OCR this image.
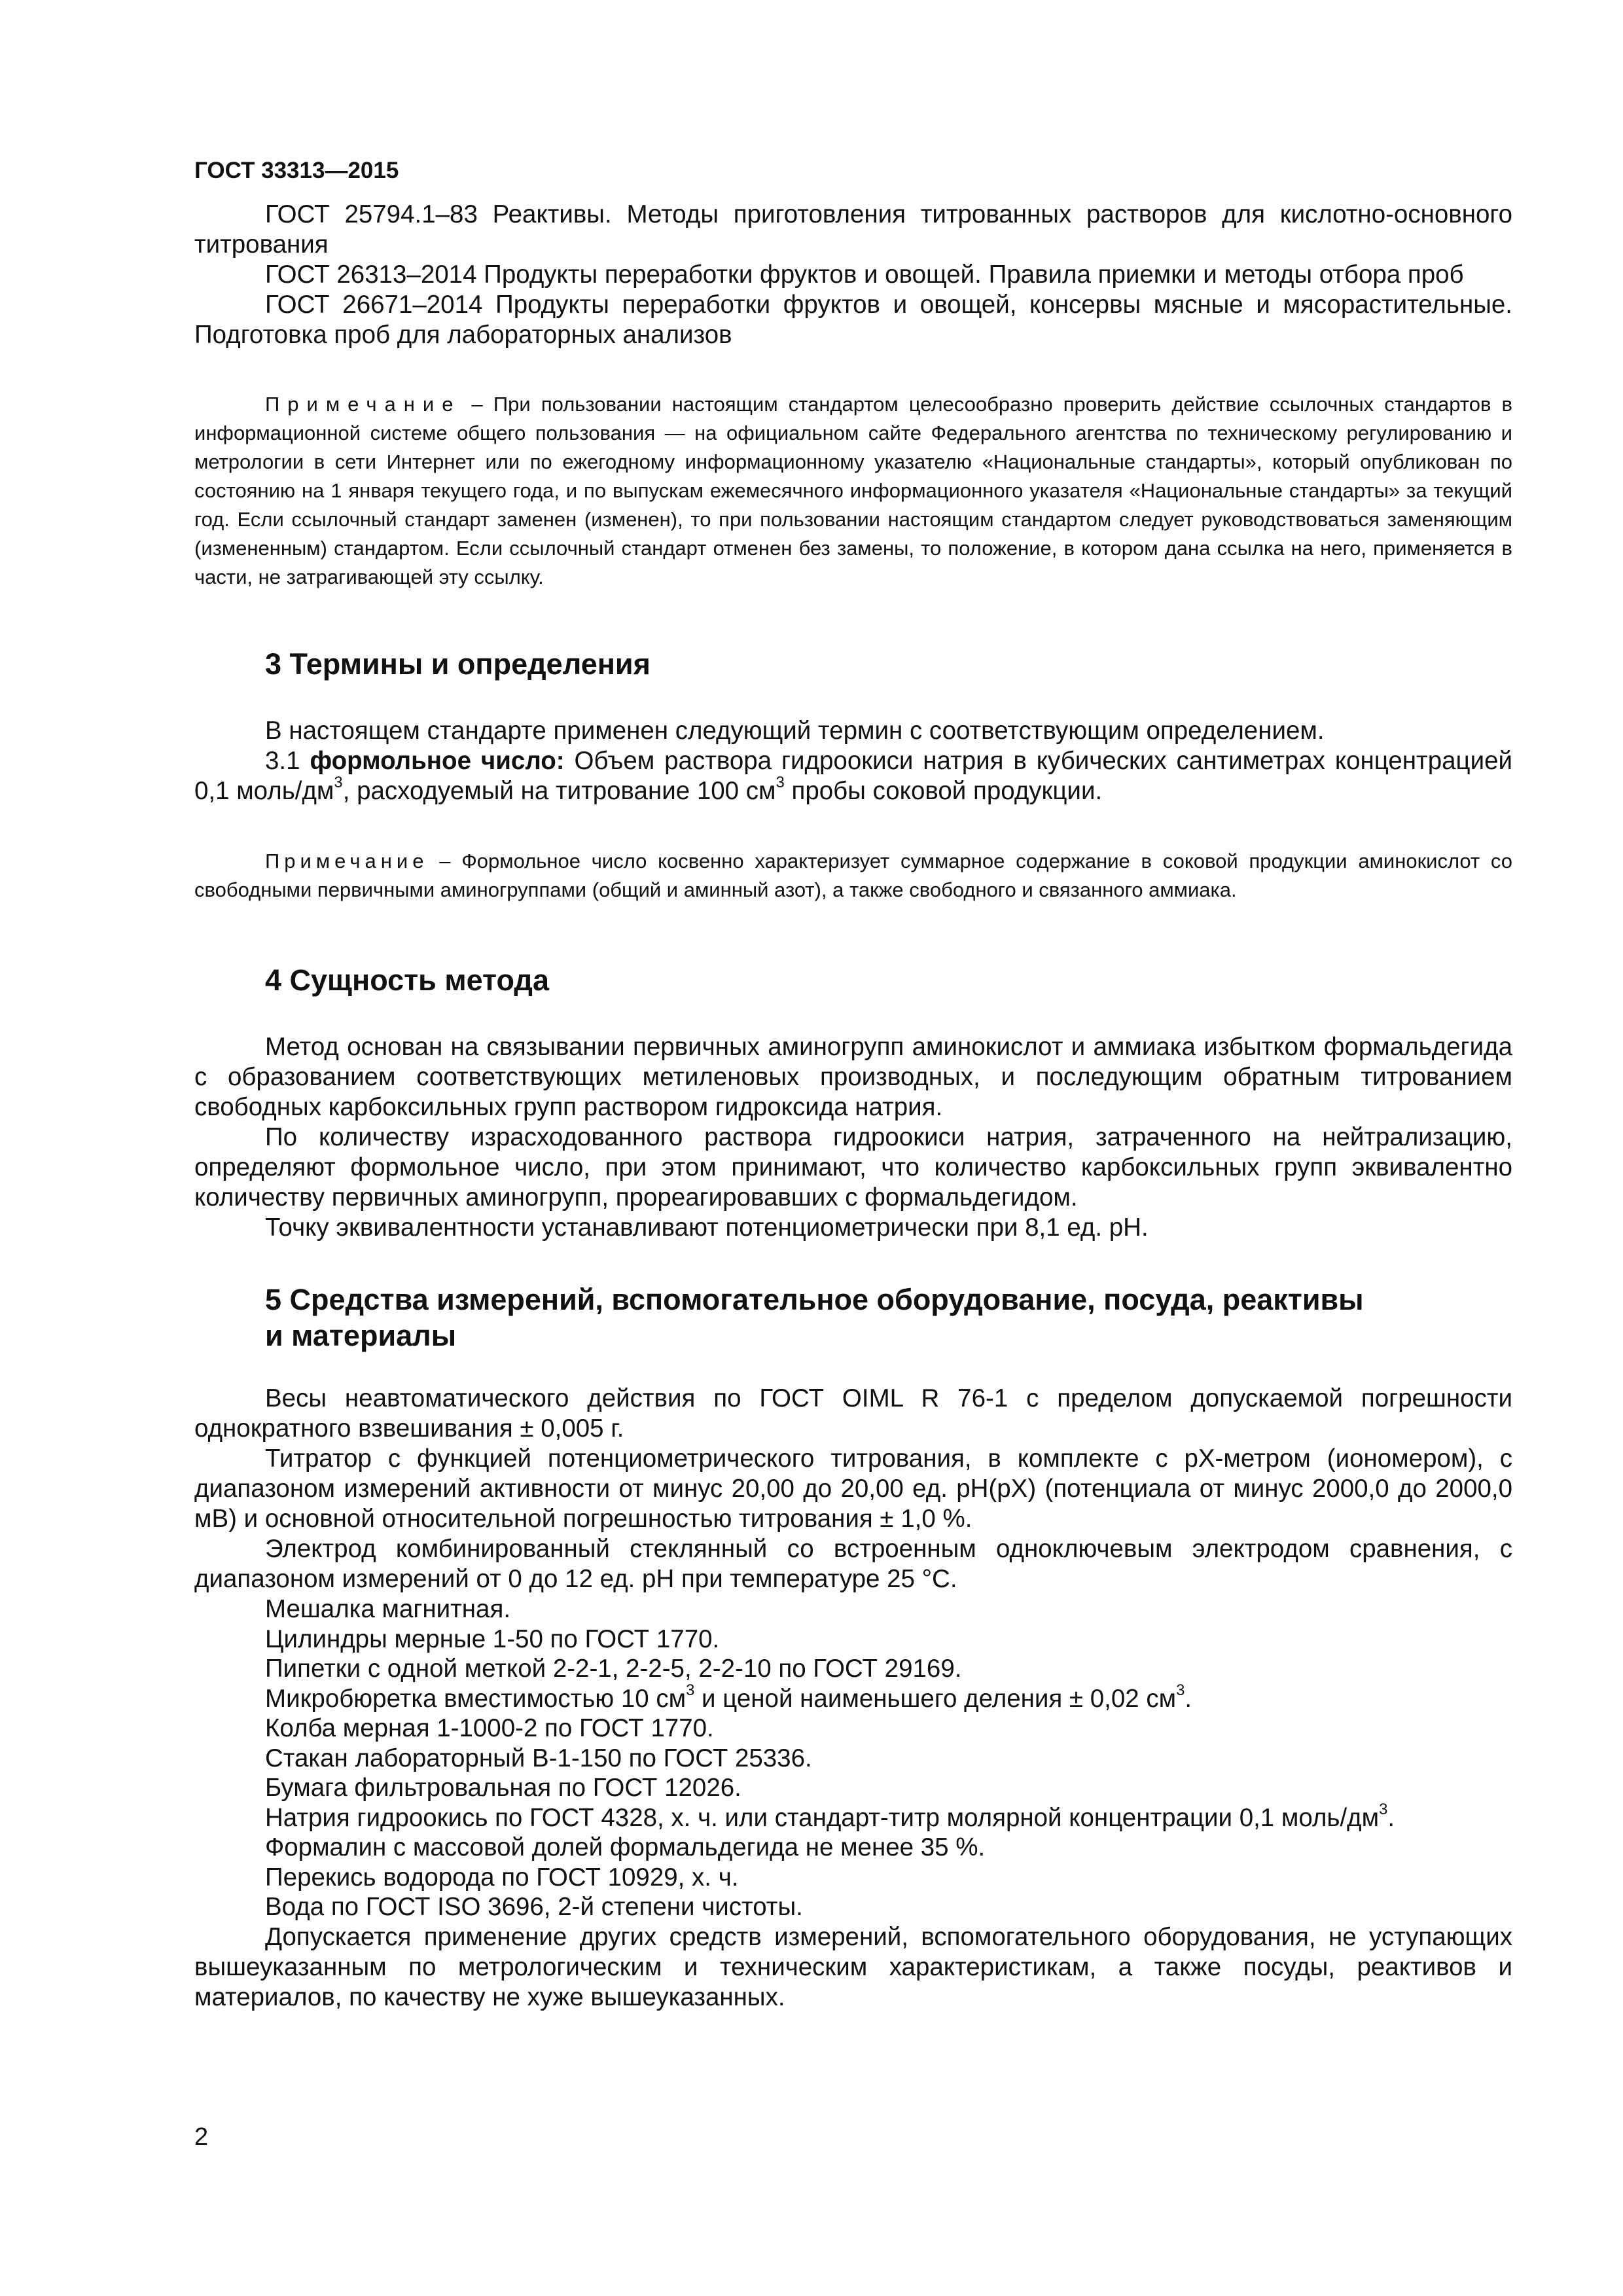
ГОСТ 33313—2015

ГОСТ 25794.1–83 Реактивы. Методы приготовления титрованных растворов для кислотно-основного титрования

ГОСТ 26313–2014 Продукты переработки фруктов и овощей. Правила приемки и методы отбора проб

ГОСТ 26671–2014 Продукты переработки фруктов и овощей, консервы мясные и мясорастительные. Подготовка проб для лабораторных анализов

Примечание – При пользовании настоящим стандартом целесообразно проверить действие ссылочных стандартов в информационной системе общего пользования — на официальном сайте Федерального агентства по техническому регулированию и метрологии в сети Интернет или по ежегодному информационному указателю «Национальные стандарты», который опубликован по состоянию на 1 января текущего года, и по выпускам ежемесячного информационного указателя «Национальные стандарты» за текущий год. Если ссылочный стандарт заменен (изменен), то при пользовании настоящим стандартом следует руководствоваться заменяющим (измененным) стандартом. Если ссылочный стандарт отменен без замены, то положение, в котором дана ссылка на него, применяется в части, не затрагивающей эту ссылку.

3 Термины и определения

В настоящем стандарте применен следующий термин с соответствующим определением.

3.1 формольное число: Объем раствора гидроокиси натрия в кубических сантиметрах концентрацией 0,1 моль/$дм^3$, расходуемый на титрование 100 $см^3$ пробы соковой продукции.

Примечание – Формольное число косвенно характеризует суммарное содержание в соковой продукции аминокислот со свободными первичными аминогруппами (общий и аминный азот), а также свободного и связанного аммиака.

4 Сущность метода

Метод основан на связывании первичных аминогрупп аминокислот и аммиака избытком формальдегида с образованием соответствующих метиленовых производных, и последующим обратным титрованием свободных карбоксильных групп раствором гидроксида натрия.

По количеству израсходованного раствора гидроокиси натрия, затраченного на нейтрализацию, определяют формольное число, при этом принимают, что количество карбоксильных групп эквивалентно количеству первичных аминогрупп, прореагировавших с формальдегидом.

Точку эквивалентности устанавливают потенциометрически при 8,1 ед. рН.

5 Средства измерений, вспомогательное оборудование, посуда, реактивы
и материалы

Весы неавтоматического действия по ГОСТ OIML R 76-1 с пределом допускаемой погрешности однократного взвешивания ± 0,005 г.

Титратор с функцией потенциометрического титрования, в комплекте с рХ-метром (иономером), с диапазоном измерений активности от минус 20,00 до 20,00 ед. рН(рХ) (потенциала от минус 2000,0 до 2000,0 мВ) и основной относительной погрешностью титрования ± 1,0 %.

Электрод комбинированный стеклянный со встроенным одноключевым электродом сравнения, с диапазоном измерений от 0 до 12 ед. рН при температуре 25 °С.

Мешалка магнитная.
Цилиндры мерные 1-50 по ГОСТ 1770.
Пипетки с одной меткой 2-2-1, 2-2-5, 2-2-10 по ГОСТ 29169.
Микробюретка вместимостью 10 $см^3$ и ценой наименьшего деления ± 0,02 $см^3$.
Колба мерная 1-1000-2 по ГОСТ 1770.
Стакан лабораторный В-1-150 по ГОСТ 25336.
Бумага фильтровальная по ГОСТ 12026.
Натрия гидроокись по ГОСТ 4328, х. ч. или стандарт-титр молярной концентрации 0,1 моль/$дм^3$.
Формалин с массовой долей формальдегида не менее 35 %.
Перекись водорода по ГОСТ 10929, х. ч.
Вода по ГОСТ ISO 3696, 2-й степени чистоты.

Допускается применение других средств измерений, вспомогательного оборудования, не уступающих вышеуказанным по метрологическим и техническим характеристикам, а также посуды, реактивов и материалов, по качеству не хуже вышеуказанных.

2
